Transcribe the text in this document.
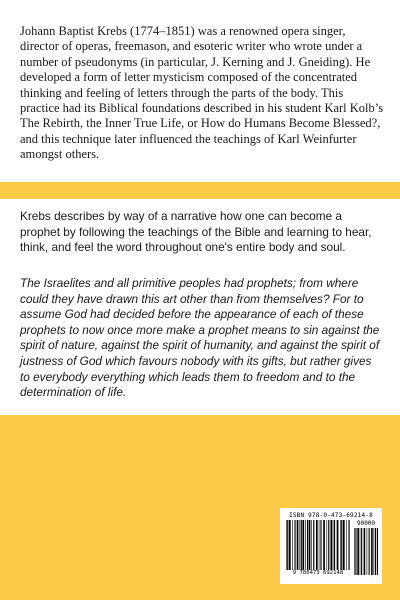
Johann Baptist Krebs (1774–1851) was a renowned opera singer, director of operas, freemason, and esoteric writer who wrote under a number of pseudonyms (in particular, J. Kerning and J. Gneiding). He developed a form of letter mysticism composed of the concentrated thinking and feeling of letters through the parts of the body. This practice had its Biblical foundations described in his student Karl Kolb’s The Rebirth, the Inner True Life, or How do Humans Become Blessed?, and this technique later influenced the teachings of Karl Weinfurter amongst others.

Krebs describes by way of a narrative how one can become a prophet by following the teachings of the Bible and learning to hear, think, and feel the word throughout one's entire body and soul.

The Israelites and all primitive peoples had prophets; from where could they have drawn this art other than from themselves? For to assume God had decided before the appearance of each of these prophets to now once more make a prophet means to sin against the spirit of nature, against the spirit of humanity, and against the spirit of justness of God which favours nobody with its gifts, but rather gives to everybody everything which leads them to freedom and to the determination of life.

ISBN 978-0-473-69214-8
90000
9 780473 692148
